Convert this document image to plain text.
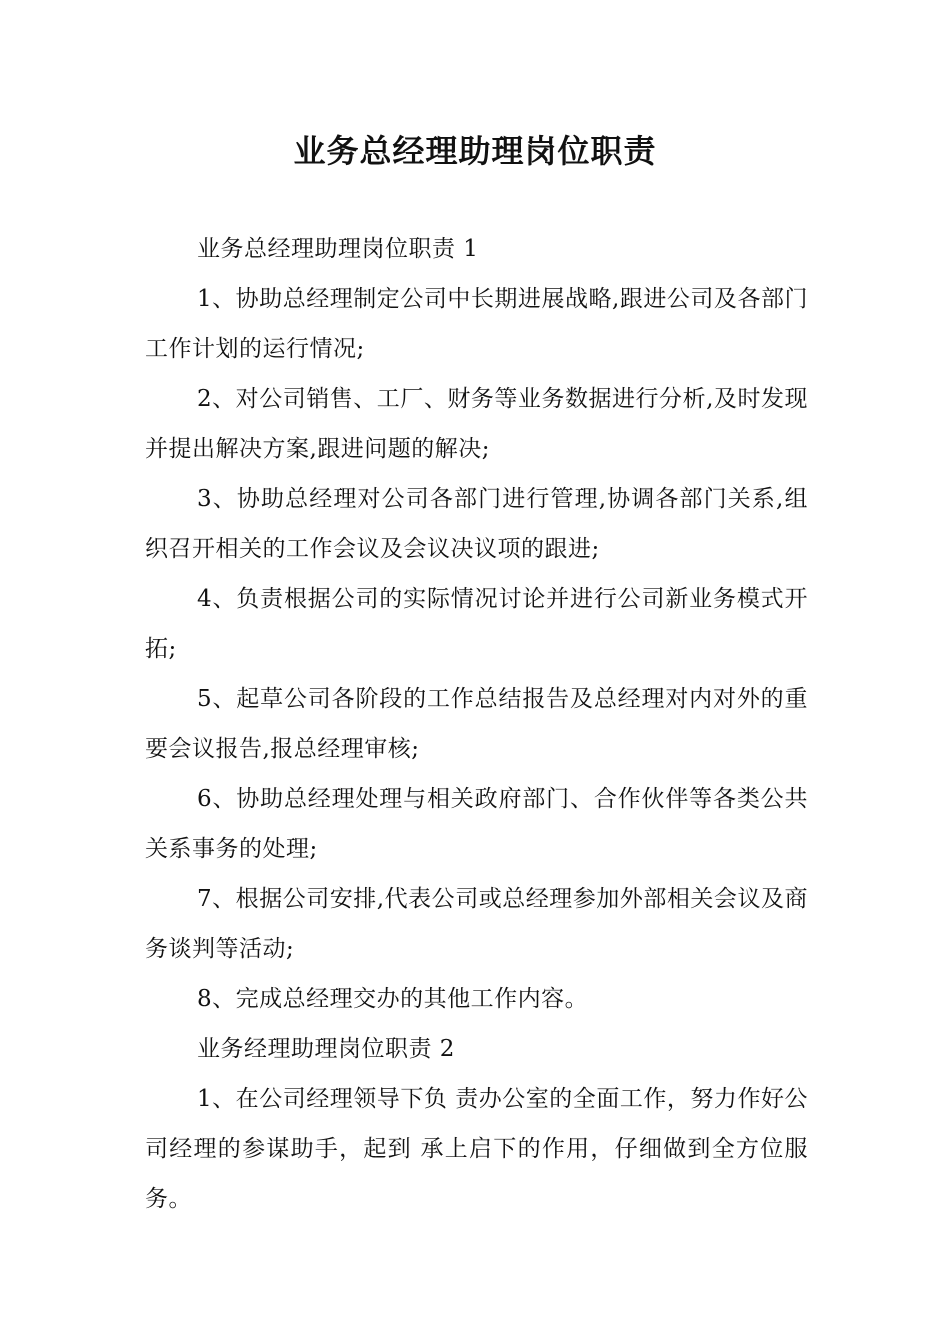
业务总经理助理岗位职责

业务总经理助理岗位职责 1

1、协助总经理制定公司中长期进展战略,跟进公司及各部门工作计划的运行情况;

2、对公司销售、工厂、财务等业务数据进行分析,及时发现并提出解决方案,跟进问题的解决;

3、协助总经理对公司各部门进行管理,协调各部门关系,组织召开相关的工作会议及会议决议项的跟进;

4、负责根据公司的实际情况讨论并进行公司新业务模式开拓;

5、起草公司各阶段的工作总结报告及总经理对内对外的重要会议报告,报总经理审核;

6、协助总经理处理与相关政府部门、合作伙伴等各类公共关系事务的处理;

7、根据公司安排,代表公司或总经理参加外部相关会议及商务谈判等活动;

8、完成总经理交办的其他工作内容。

业务经理助理岗位职责 2

1、在公司经理领导下负 责办公室的全面工作，努力作好公司经理的参谋助手，起到 承上启下的作用，仔细做到全方位服务。
